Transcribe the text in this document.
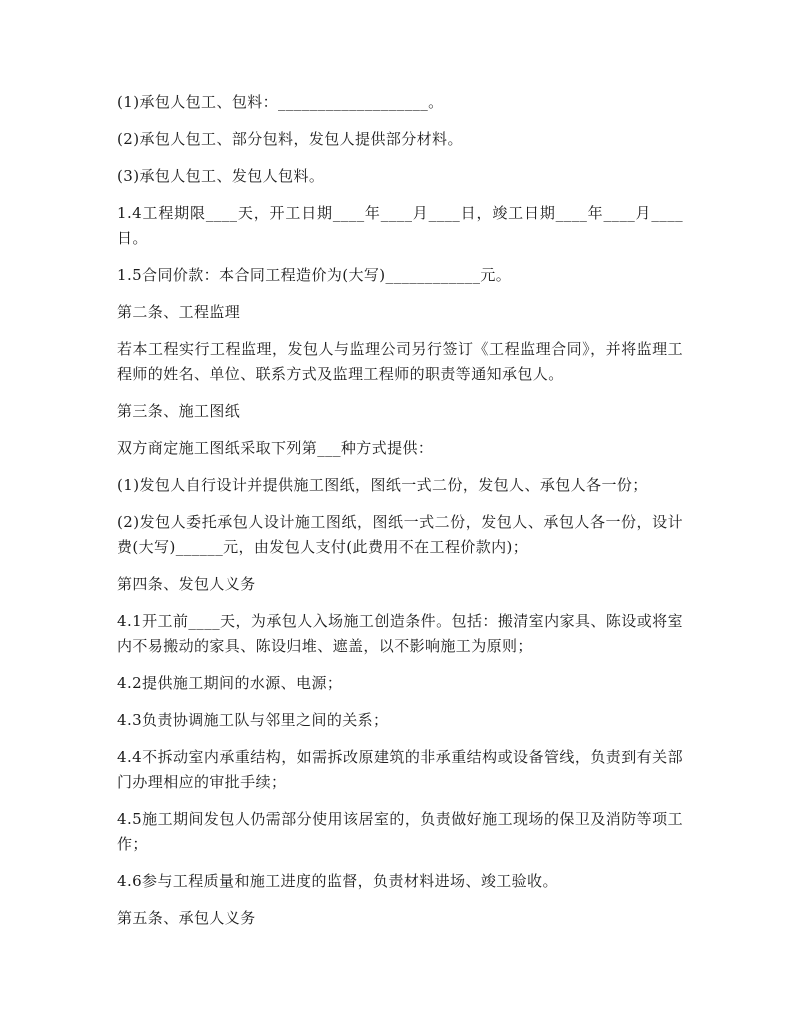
(1)承包人包工、包料：___________________。

(2)承包人包工、部分包料，发包人提供部分材料。

(3)承包人包工、发包人包料。

1.4工程期限____天，开工日期____年____月____日，竣工日期____年____月____日。

1.5合同价款：本合同工程造价为(大写)____________元。

第二条、工程监理

若本工程实行工程监理，发包人与监理公司另行签订《工程监理合同》，并将监理工程师的姓名、单位、联系方式及监理工程师的职责等通知承包人。

第三条、施工图纸

双方商定施工图纸采取下列第___种方式提供：

(1)发包人自行设计并提供施工图纸，图纸一式二份，发包人、承包人各一份；

(2)发包人委托承包人设计施工图纸，图纸一式二份，发包人、承包人各一份，设计费(大写)______元，由发包人支付(此费用不在工程价款内)；

第四条、发包人义务

4.1开工前____天，为承包人入场施工创造条件。包括：搬清室内家具、陈设或将室内不易搬动的家具、陈设归堆、遮盖，以不影响施工为原则；

4.2提供施工期间的水源、电源；

4.3负责协调施工队与邻里之间的关系；

4.4不拆动室内承重结构，如需拆改原建筑的非承重结构或设备管线，负责到有关部门办理相应的审批手续；

4.5施工期间发包人仍需部分使用该居室的，负责做好施工现场的保卫及消防等项工作；

4.6参与工程质量和施工进度的监督，负责材料进场、竣工验收。

第五条、承包人义务
